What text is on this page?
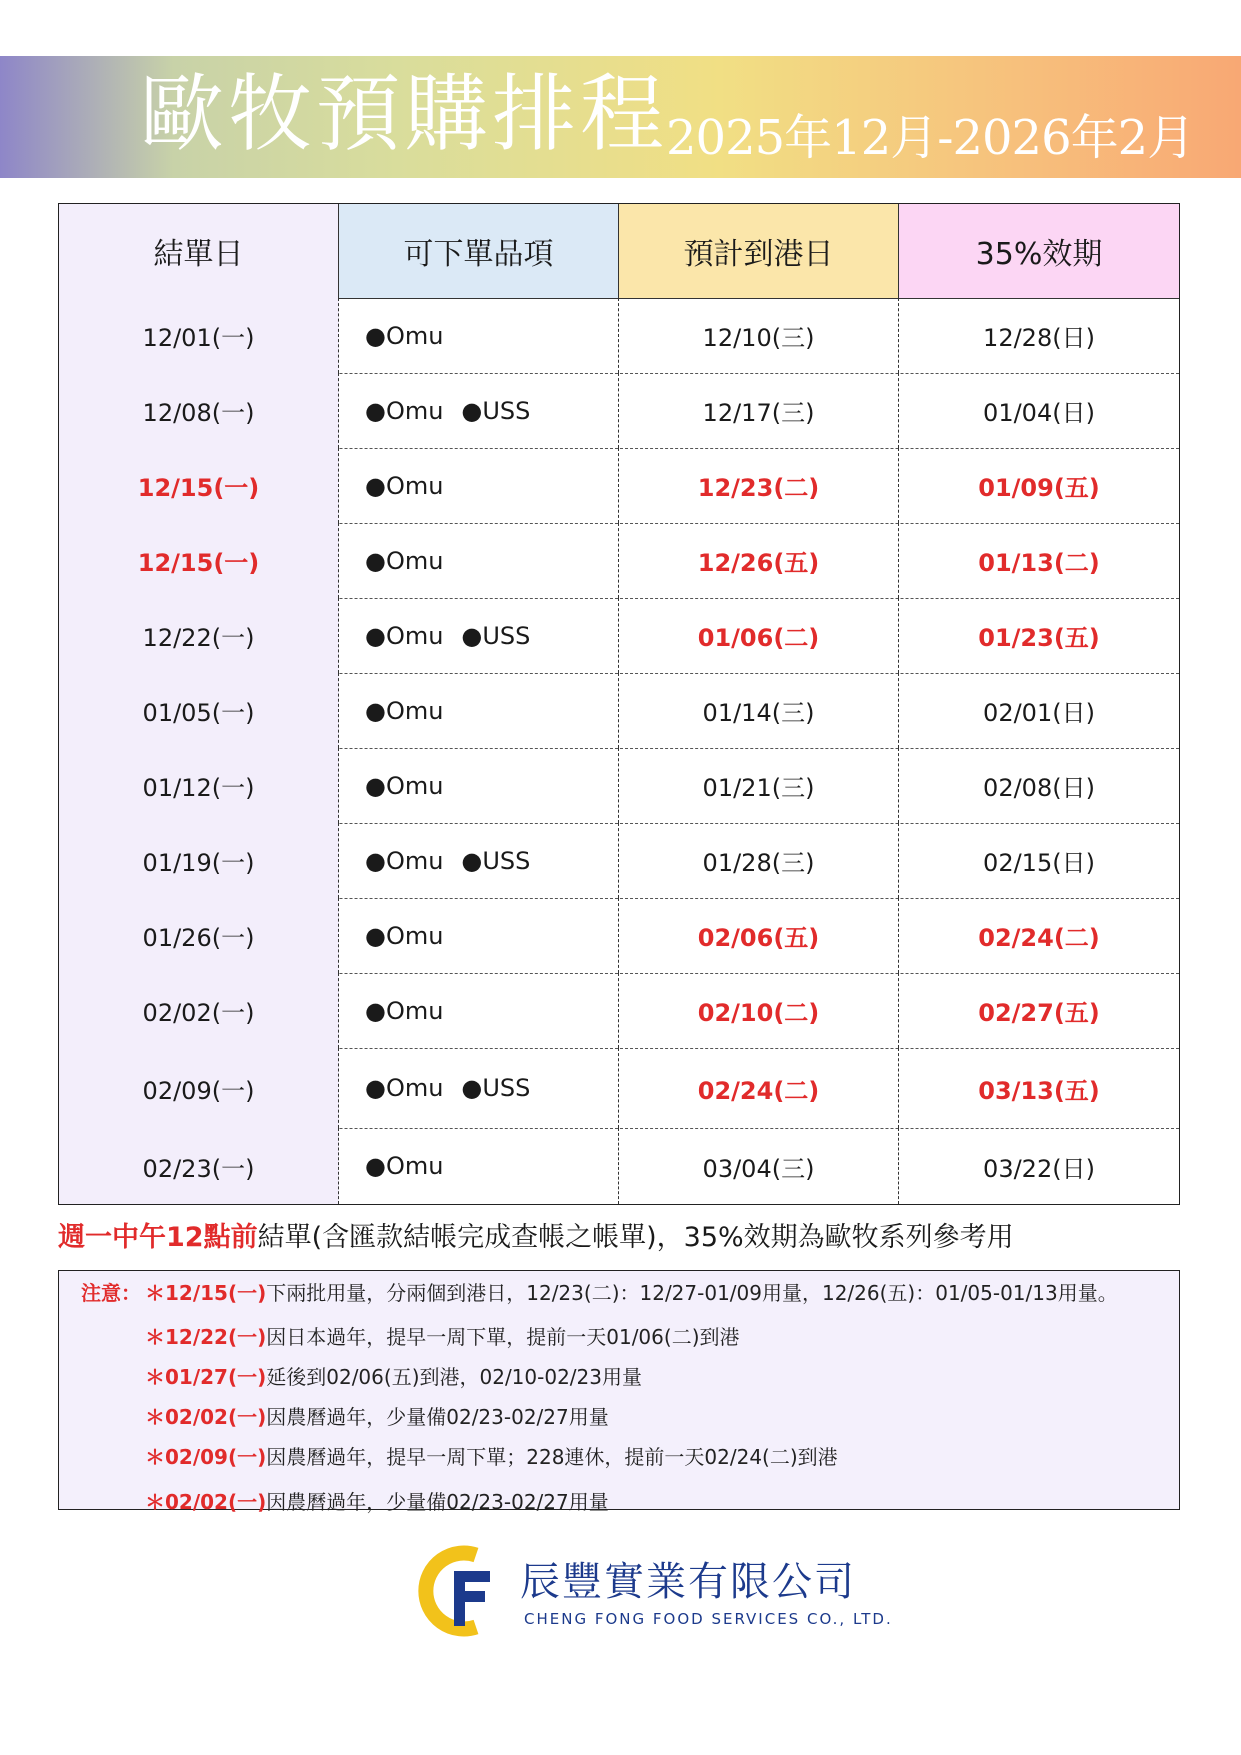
歐牧預購排程
2025年12月-2026年2月
結單日	可下單品項	預計到港日	35%效期
12/01(一)	●Omu	12/10(三)	12/28(日)
12/08(一)	●Omu ●USS	12/17(三)	01/04(日)
12/15(一)	●Omu	12/23(二)	01/09(五)
12/15(一)	●Omu	12/26(五)	01/13(二)
12/22(一)	●Omu ●USS	01/06(二)	01/23(五)
01/05(一)	●Omu	01/14(三)	02/01(日)
01/12(一)	●Omu	01/21(三)	02/08(日)
01/19(一)	●Omu ●USS	01/28(三)	02/15(日)
01/26(一)	●Omu	02/06(五)	02/24(二)
02/02(一)	●Omu	02/10(二)	02/27(五)
02/09(一)	●Omu ●USS	02/24(二)	03/13(五)
02/23(一)	●Omu	03/04(三)	03/22(日)
週一中午12點前結單(含匯款結帳完成查帳之帳單)，35%效期為歐牧系列參考用
注意： ＊12/15(一)下兩批用量，分兩個到港日，12/23(二)：12/27-01/09用量，12/26(五)：01/05-01/13用量。
＊12/22(一)因日本過年，提早一周下單，提前一天01/06(二)到港
＊01/27(一)延後到02/06(五)到港，02/10-02/23用量
＊02/02(一)因農曆過年，少量備02/23-02/27用量
＊02/09(一)因農曆過年，提早一周下單；228連休，提前一天02/24(二)到港
＊02/02(一)因農曆過年，少量備02/23-02/27用量
辰豐實業有限公司
CHENG FONG FOOD SERVICES CO., LTD.
